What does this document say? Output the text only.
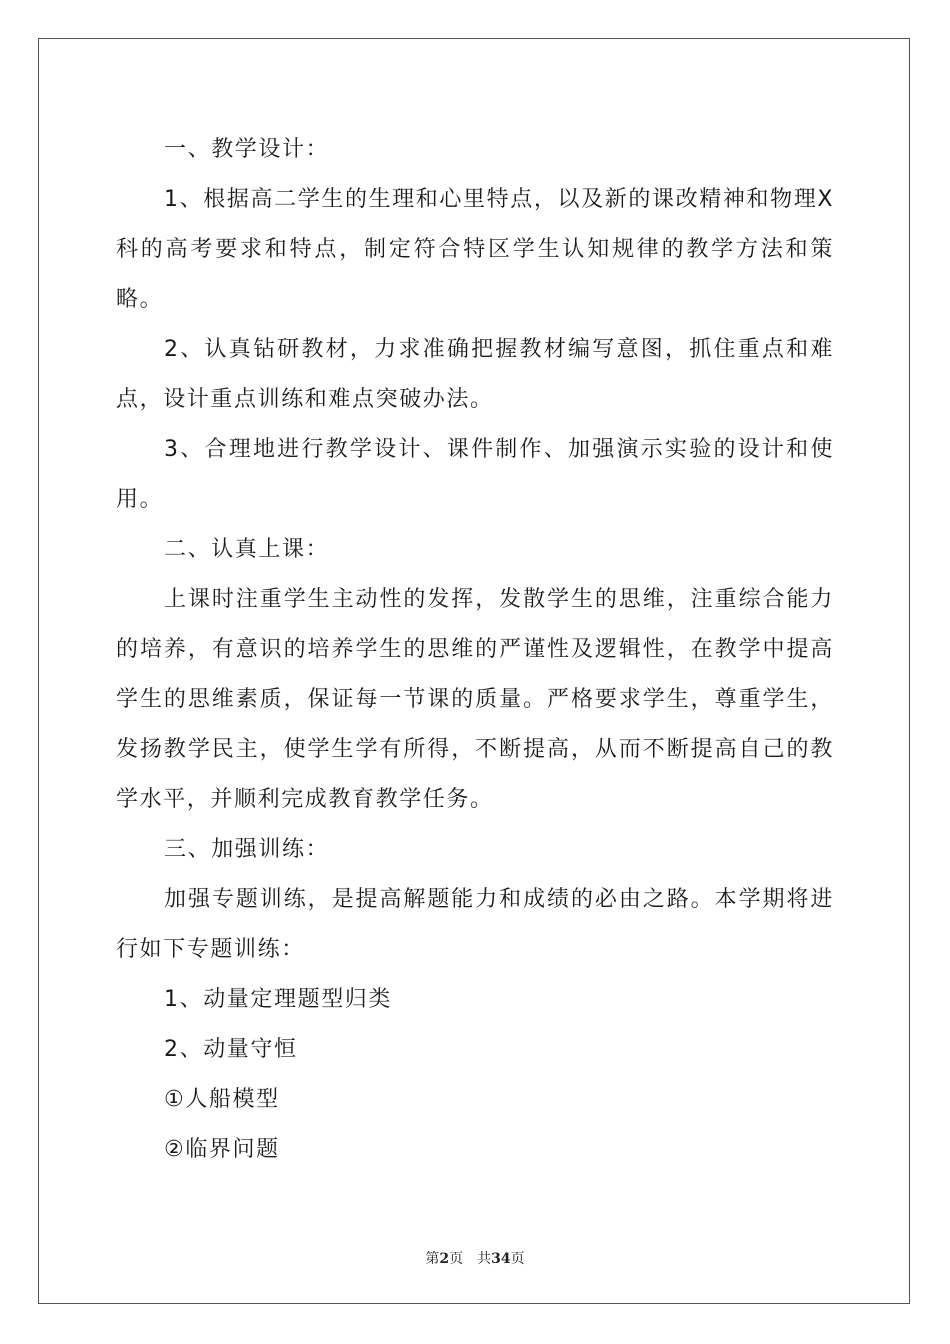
一、教学设计：

1、根据高二学生的生理和心里特点，以及新的课改精神和物理X科的高考要求和特点，制定符合特区学生认知规律的教学方法和策略。

2、认真钻研教材，力求准确把握教材编写意图，抓住重点和难点，设计重点训练和难点突破办法。

3、合理地进行教学设计、课件制作、加强演示实验的设计和使用。

二、认真上课：

上课时注重学生主动性的发挥，发散学生的思维，注重综合能力的培养，有意识的培养学生的思维的严谨性及逻辑性，在教学中提高学生的思维素质，保证每一节课的质量。严格要求学生，尊重学生，发扬教学民主，使学生学有所得，不断提高，从而不断提高自己的教学水平，并顺利完成教育教学任务。

三、加强训练：

加强专题训练，是提高解题能力和成绩的必由之路。本学期将进行如下专题训练：

1、动量定理题型归类

2、动量守恒

①人船模型

②临界问题

第2页 共34页
